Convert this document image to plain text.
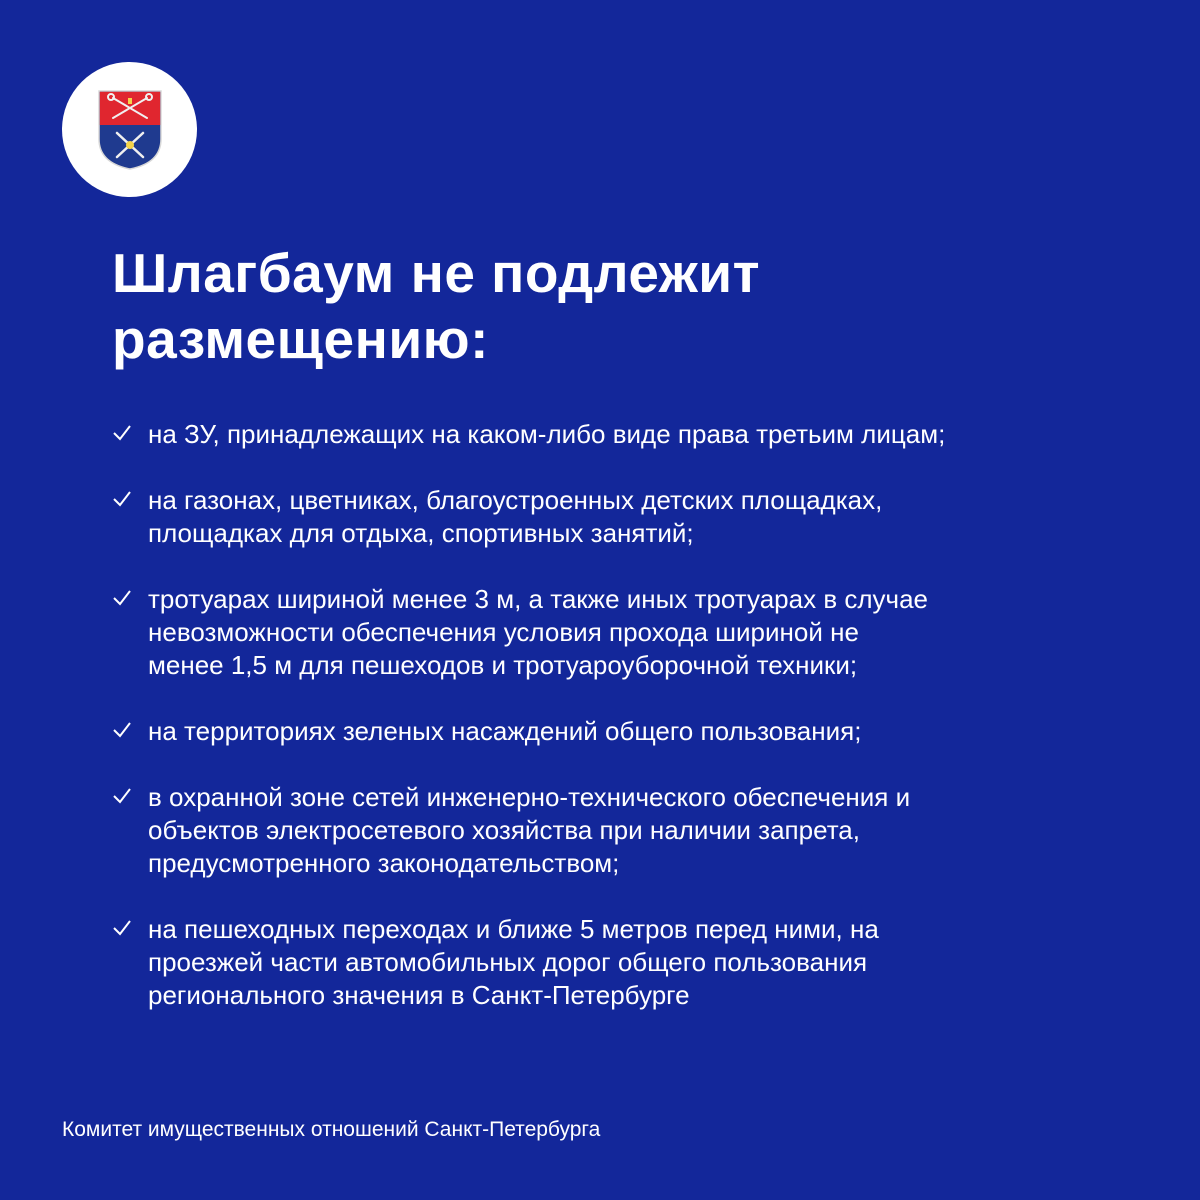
Шлагбаум не подлежит
размещению:
на ЗУ, принадлежащих на каком-либо виде права третьим лицам;
на газонах, цветниках, благоустроенных детских площадках,
площадках для отдыха, спортивных занятий;
тротуарах шириной менее 3 м, а также иных тротуарах в случае
невозможности обеспечения условия прохода шириной не
менее 1,5 м для пешеходов и тротуароуборочной техники;
на территориях зеленых насаждений общего пользования;
в охранной зоне сетей инженерно-технического обеспечения и
объектов электросетевого хозяйства при наличии запрета,
предусмотренного законодательством;
на пешеходных переходах и ближе 5 метров перед ними, на
проезжей части автомобильных дорог общего пользования
регионального значения в Санкт-Петербурге

Комитет имущественных отношений Санкт-Петербурга
